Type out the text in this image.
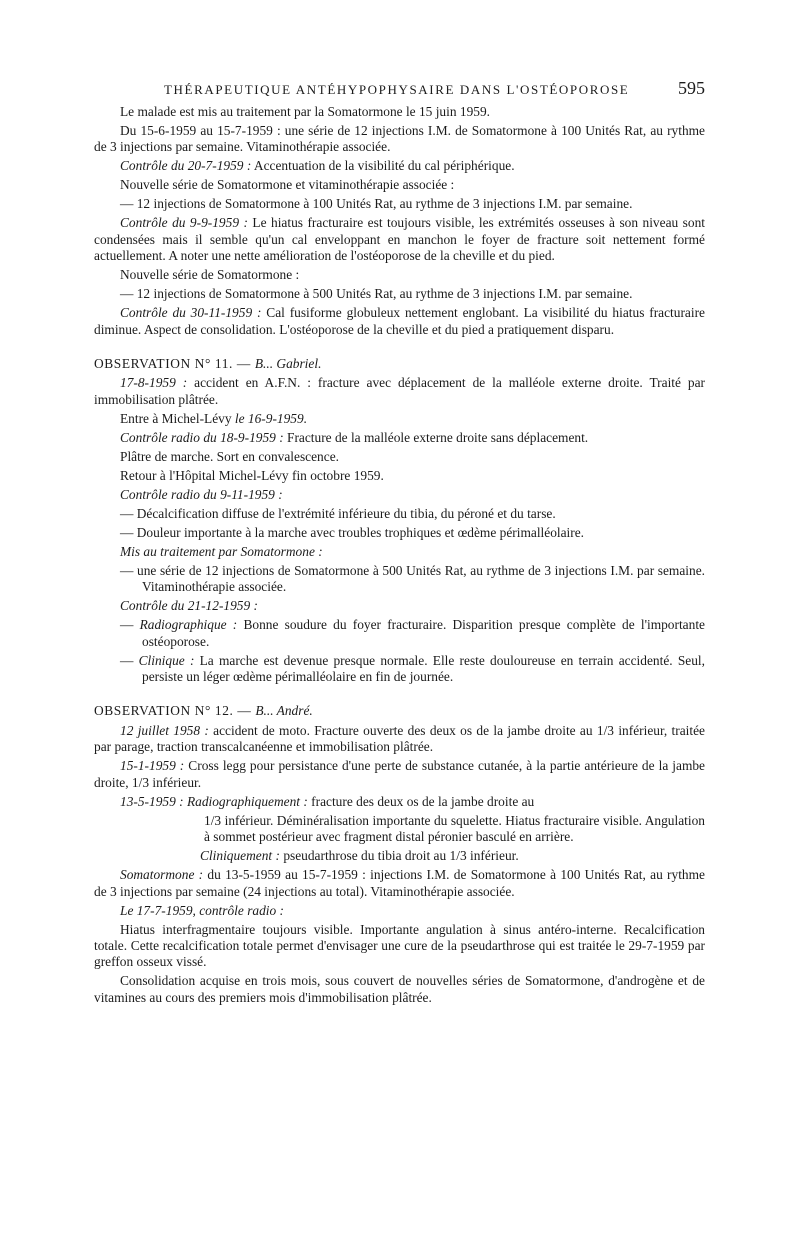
THÉRAPEUTIQUE ANTÉHYPOPHYSAIRE DANS L'OSTÉOPOROSE	595

Le malade est mis au traitement par la Somatormone le 15 juin 1959.

Du 15-6-1959 au 15-7-1959 : une série de 12 injections I.M. de Somatormone à 100 Unités Rat, au rythme de 3 injections par semaine. Vitaminothérapie associée.

Contrôle du 20-7-1959 : Accentuation de la visibilité du cal périphérique.

Nouvelle série de Somatormone et vitaminothérapie associée :

— 12 injections de Somatormone à 100 Unités Rat, au rythme de 3 injections I.M. par semaine.

Contrôle du 9-9-1959 : Le hiatus fracturaire est toujours visible, les extrémités osseuses à son niveau sont condensées mais il semble qu'un cal enveloppant en manchon le foyer de fracture soit nettement formé actuellement. A noter une nette amélioration de l'ostéoporose de la cheville et du pied.

Nouvelle série de Somatormone :

— 12 injections de Somatormone à 500 Unités Rat, au rythme de 3 injections I.M. par semaine.

Contrôle du 30-11-1959 : Cal fusiforme globuleux nettement englobant. La visibilité du hiatus fracturaire diminue. Aspect de consolidation. L'ostéoporose de la cheville et du pied a pratiquement disparu.

OBSERVATION N° 11. — B... Gabriel.

17-8-1959 : accident en A.F.N. : fracture avec déplacement de la malléole externe droite. Traité par immobilisation plâtrée.

Entre à Michel-Lévy le 16-9-1959.

Contrôle radio du 18-9-1959 : Fracture de la malléole externe droite sans déplacement.

Plâtre de marche. Sort en convalescence.

Retour à l'Hôpital Michel-Lévy fin octobre 1959.

Contrôle radio du 9-11-1959 :

— Décalcification diffuse de l'extrémité inférieure du tibia, du péroné et du tarse.

— Douleur importante à la marche avec troubles trophiques et œdème périmalléolaire.

Mis au traitement par Somatormone :

— une série de 12 injections de Somatormone à 500 Unités Rat, au rythme de 3 injections I.M. par semaine. Vitaminothérapie associée.

Contrôle du 21-12-1959 :

— Radiographique : Bonne soudure du foyer fracturaire. Disparition presque complète de l'importante ostéoporose.

— Clinique : La marche est devenue presque normale. Elle reste douloureuse en terrain accidenté. Seul, persiste un léger œdème périmalléolaire en fin de journée.

OBSERVATION N° 12. — B... André.

12 juillet 1958 : accident de moto. Fracture ouverte des deux os de la jambe droite au 1/3 inférieur, traitée par parage, traction transcalcanéenne et immobilisation plâtrée.

15-1-1959 : Cross legg pour persistance d'une perte de substance cutanée, à la partie antérieure de la jambe droite, 1/3 inférieur.

13-5-1959 : Radiographiquement : fracture des deux os de la jambe droite au

1/3 inférieur. Déminéralisation importante du squelette. Hiatus fracturaire visible. Angulation à sommet postérieur avec fragment distal péronier basculé en arrière.

Cliniquement : pseudarthrose du tibia droit au 1/3 inférieur.

Somatormone : du 13-5-1959 au 15-7-1959 : injections I.M. de Somatormone à 100 Unités Rat, au rythme de 3 injections par semaine (24 injections au total). Vitaminothérapie associée.

Le 17-7-1959, contrôle radio :

Hiatus interfragmentaire toujours visible. Importante angulation à sinus antéro-interne. Recalcification totale. Cette recalcification totale permet d'envisager une cure de la pseudarthrose qui est traitée le 29-7-1959 par greffon osseux vissé.

Consolidation acquise en trois mois, sous couvert de nouvelles séries de Somatormone, d'androgène et de vitamines au cours des premiers mois d'immobilisation plâtrée.
